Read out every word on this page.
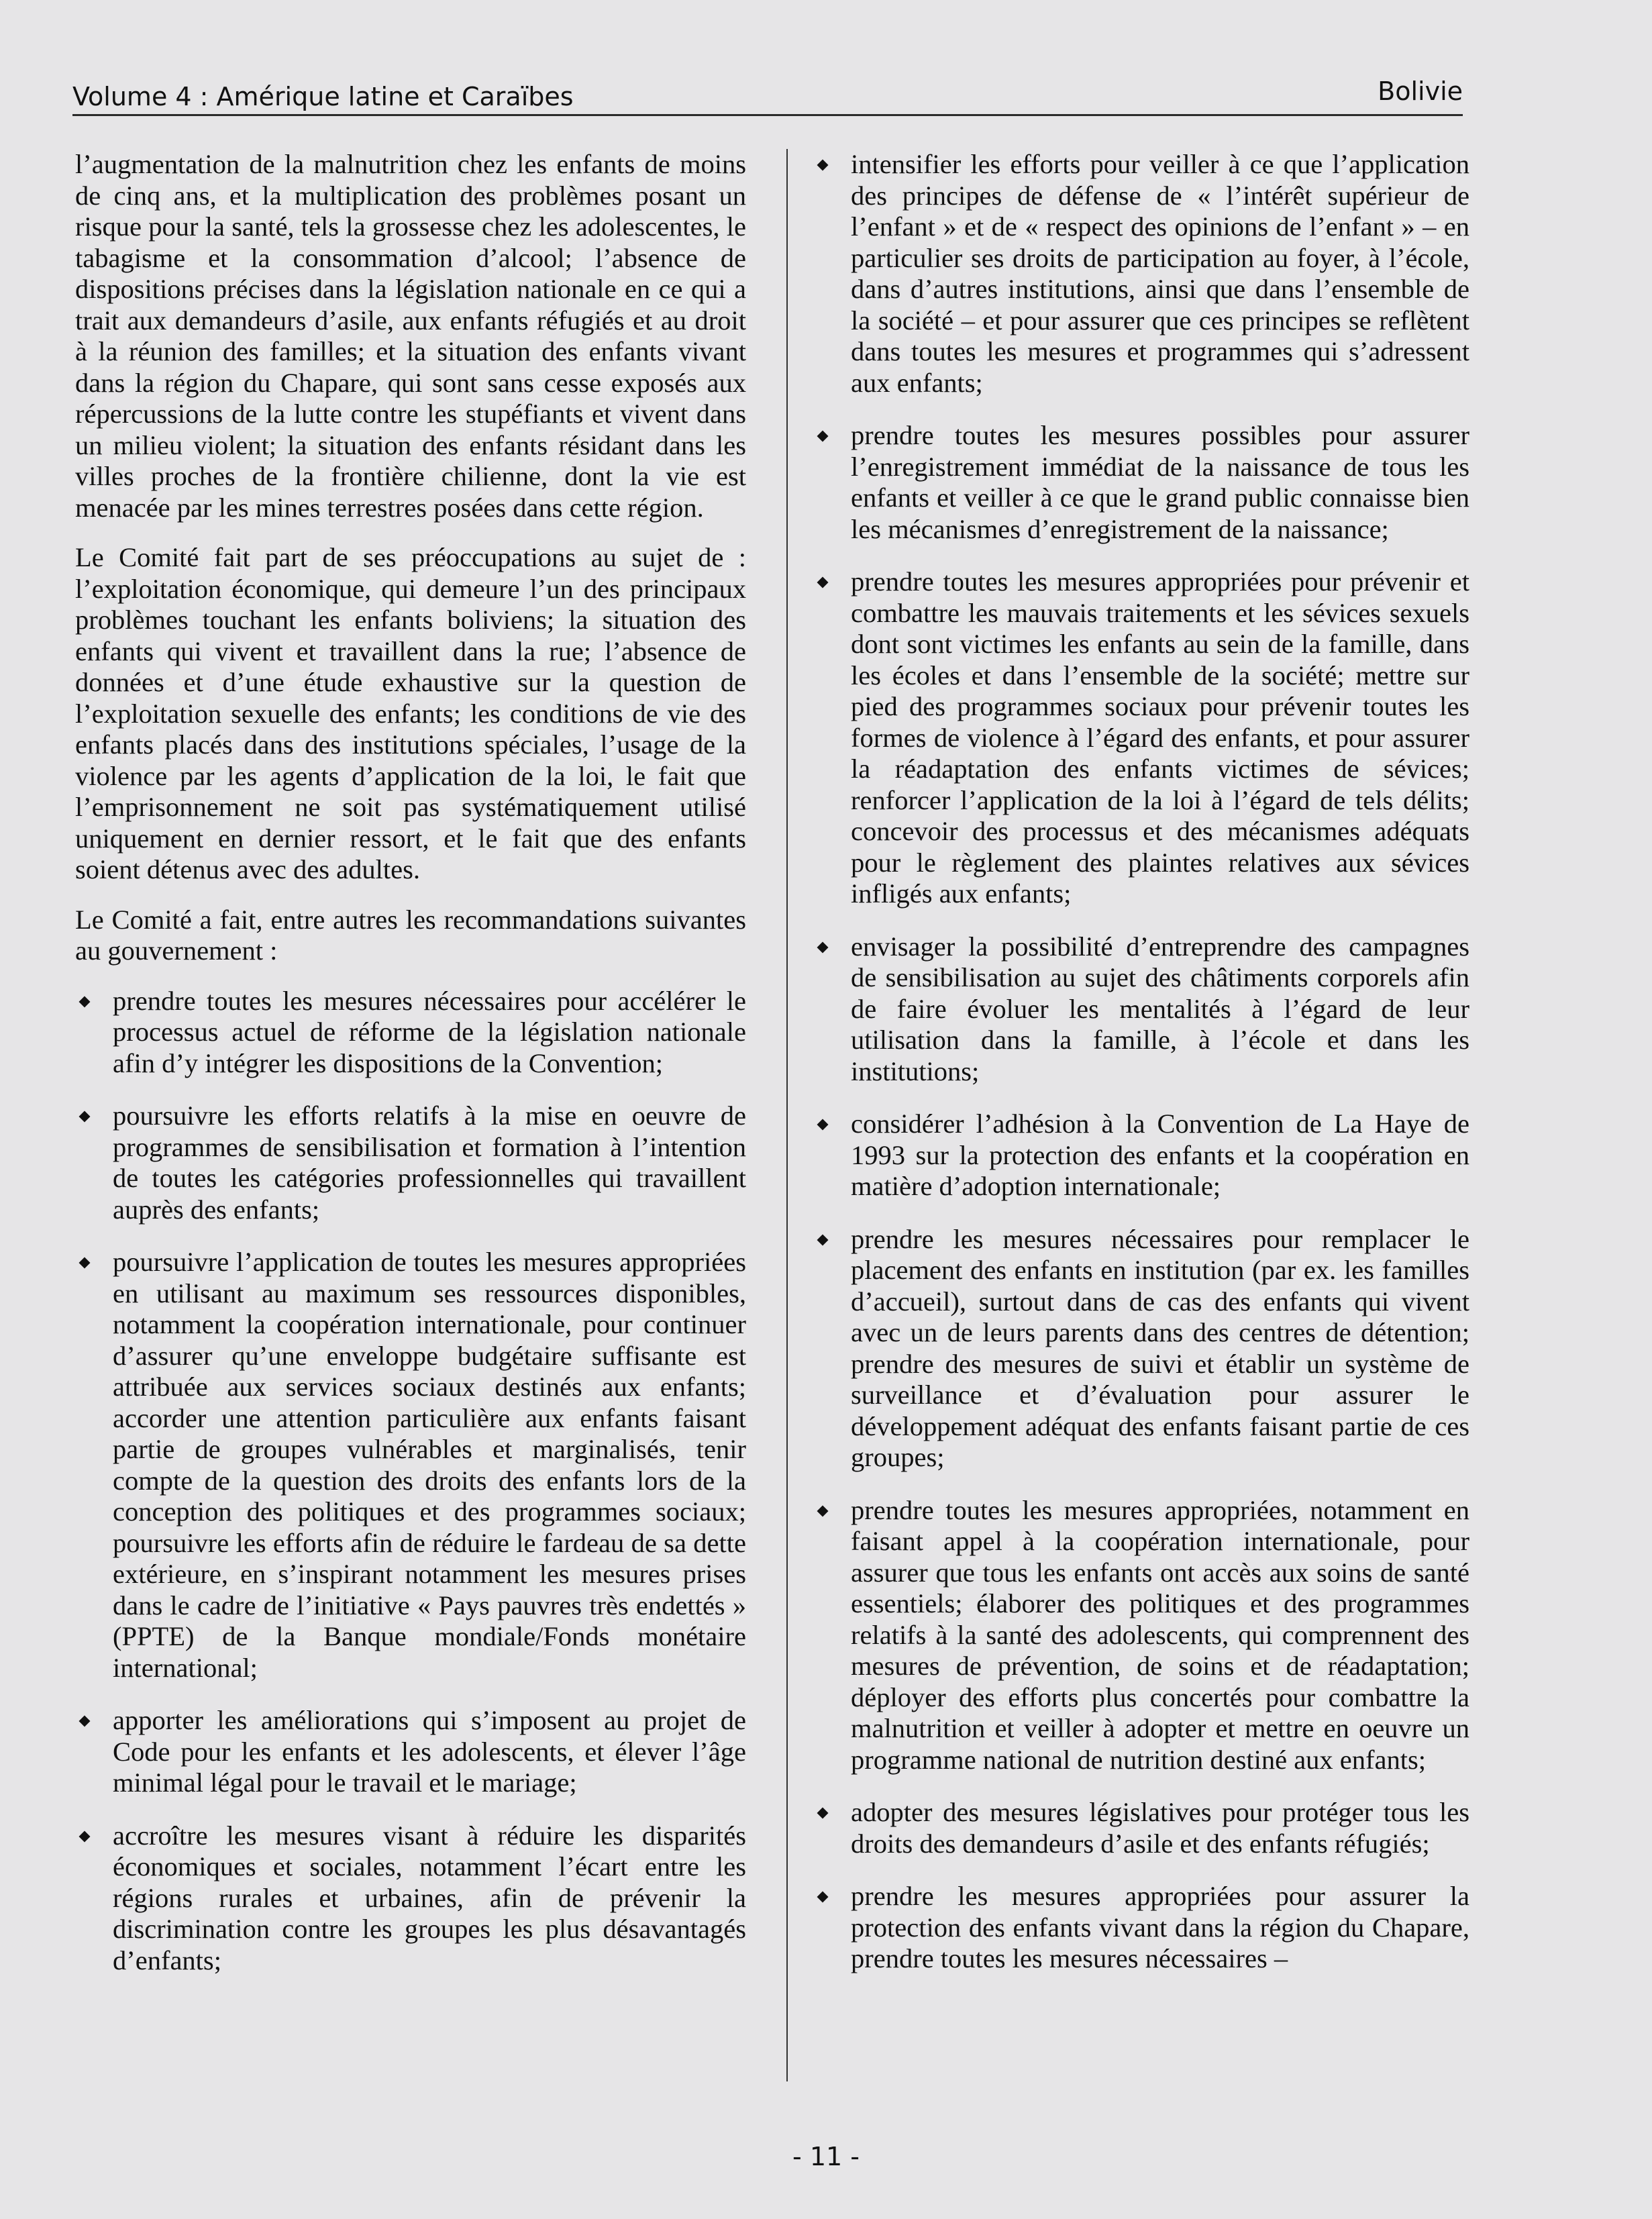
Volume 4 : Amérique latine et Caraïbes	Bolivie

l’augmentation de la malnutrition chez les enfants de moins de cinq ans, et la multiplication des problèmes posant un risque pour la santé, tels la grossesse chez les adolescentes, le tabagisme et la consommation d’alcool; l’absence de dispositions précises dans la législation nationale en ce qui a trait aux demandeurs d’asile, aux enfants réfugiés et au droit à la réunion des familles; et la situation des enfants vivant dans la région du Chapare, qui sont sans cesse exposés aux répercussions de la lutte contre les stupéfiants et vivent dans un milieu violent; la situation des enfants résidant dans les villes proches de la frontière chilienne, dont la vie est menacée par les mines terrestres posées dans cette région.

Le Comité fait part de ses préoccupations au sujet de : l’exploitation économique, qui demeure l’un des principaux problèmes touchant les enfants boliviens; la situation des enfants qui vivent et travaillent dans la rue; l’absence de données et d’une étude exhaustive sur la question de l’exploitation sexuelle des enfants; les conditions de vie des enfants placés dans des institutions spéciales, l’usage de la violence par les agents d’application de la loi, le fait que l’emprisonnement ne soit pas systématiquement utilisé uniquement en dernier ressort, et le fait que des enfants soient détenus avec des adultes.

Le Comité a fait, entre autres les recommandations suivantes au gouvernement :

prendre toutes les mesures nécessaires pour accélérer le processus actuel de réforme de la législation nationale afin d’y intégrer les dispositions de la Convention;
poursuivre les efforts relatifs à la mise en oeuvre de programmes de sensibilisation et formation à l’intention de toutes les catégories professionnelles qui travaillent auprès des enfants;
poursuivre l’application de toutes les mesures appropriées en utilisant au maximum ses ressources disponibles, notamment la coopération internationale, pour continuer d’assurer qu’une enveloppe budgétaire suffisante est attribuée aux services sociaux destinés aux enfants; accorder une attention particulière aux enfants faisant partie de groupes vulnérables et marginalisés, tenir compte de la question des droits des enfants lors de la conception des politiques et des programmes sociaux; poursuivre les efforts afin de réduire le fardeau de sa dette extérieure, en s’inspirant notamment les mesures prises dans le cadre de l’initiative « Pays pauvres très endettés » (PPTE) de la Banque mondiale/Fonds monétaire international;
apporter les améliorations qui s’imposent au projet de Code pour les enfants et les adolescents, et élever l’âge minimal légal pour le travail et le mariage;
accroître les mesures visant à réduire les disparités économiques et sociales, notamment l’écart entre les régions rurales et urbaines, afin de prévenir la discrimination contre les groupes les plus désavantagés d’enfants;
intensifier les efforts pour veiller à ce que l’application des principes de défense de « l’intérêt supérieur de l’enfant » et de « respect des opinions de l’enfant » – en particulier ses droits de participation au foyer, à l’école, dans d’autres institutions, ainsi que dans l’ensemble de la société – et pour assurer que ces principes se reflètent dans toutes les mesures et programmes qui s’adressent aux enfants;
prendre toutes les mesures possibles pour assurer l’enregistrement immédiat de la naissance de tous les enfants et veiller à ce que le grand public connaisse bien les mécanismes d’enregistrement de la naissance;
prendre toutes les mesures appropriées pour prévenir et combattre les mauvais traitements et les sévices sexuels dont sont victimes les enfants au sein de la famille, dans les écoles et dans l’ensemble de la société; mettre sur pied des programmes sociaux pour prévenir toutes les formes de violence à l’égard des enfants, et pour assurer la réadaptation des enfants victimes de sévices; renforcer l’application de la loi à l’égard de tels délits; concevoir des processus et des mécanismes adéquats pour le règlement des plaintes relatives aux sévices infligés aux enfants;
envisager la possibilité d’entreprendre des campagnes de sensibilisation au sujet des châtiments corporels afin de faire évoluer les mentalités à l’égard de leur utilisation dans la famille, à l’école et dans les institutions;
considérer l’adhésion à la Convention de La Haye de 1993 sur la protection des enfants et la coopération en matière d’adoption internationale;
prendre les mesures nécessaires pour remplacer le placement des enfants en institution (par ex. les familles d’accueil), surtout dans de cas des enfants qui vivent avec un de leurs parents dans des centres de détention; prendre des mesures de suivi et établir un système de surveillance et d’évaluation pour assurer le développement adéquat des enfants faisant partie de ces groupes;
prendre toutes les mesures appropriées, notamment en faisant appel à la coopération internationale, pour assurer que tous les enfants ont accès aux soins de santé essentiels; élaborer des politiques et des programmes relatifs à la santé des adolescents, qui comprennent des mesures de prévention, de soins et de réadaptation; déployer des efforts plus concertés pour combattre la malnutrition et veiller à adopter et mettre en oeuvre un programme national de nutrition destiné aux enfants;
adopter des mesures législatives pour protéger tous les droits des demandeurs d’asile et des enfants réfugiés;
prendre les mesures appropriées pour assurer la protection des enfants vivant dans la région du Chapare, prendre toutes les mesures nécessaires –
- 11 -
